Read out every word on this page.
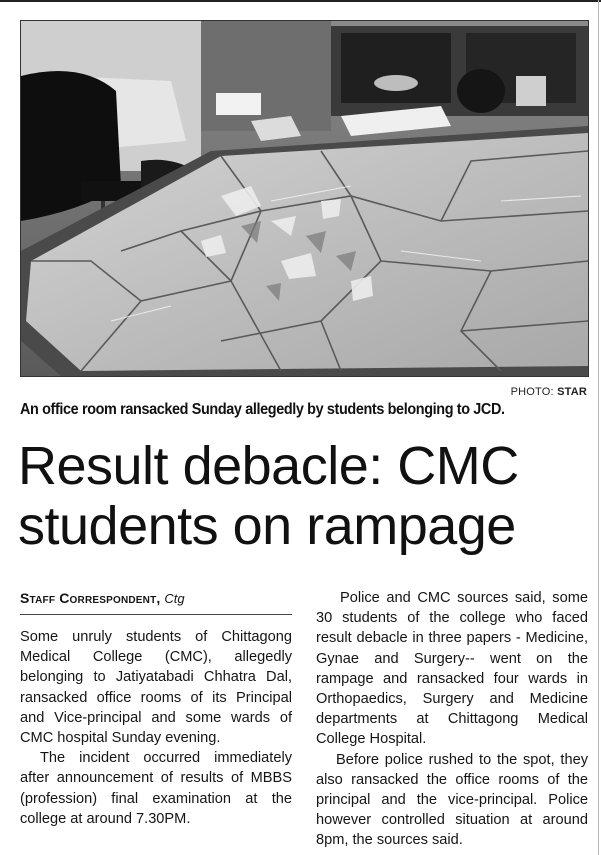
PHOTO: STAR
An office room ransacked Sunday allegedly by students belonging to JCD.
Result debacle: CMC
students on rampage
Staff Correspondent, Ctg

Some unruly students of Chittagong Medical College (CMC), allegedly belonging to Jatiyatabadi Chhatra Dal, ransacked office rooms of its Principal and Vice-principal and some wards of CMC hospital Sunday evening.

The incident occurred immediately after announcement of results of MBBS (profession) final examination at the college at around 7.30PM.

Police and CMC sources said, some 30 students of the college who faced result debacle in three papers - Medicine, Gynae and Surgery-- went on the rampage and ransacked four wards in Orthopaedics, Surgery and Medicine departments at Chittagong Medical College Hospital.

Before police rushed to the spot, they also ransacked the office rooms of the principal and the vice-principal. Police however controlled situation at around 8pm, the sources said.
